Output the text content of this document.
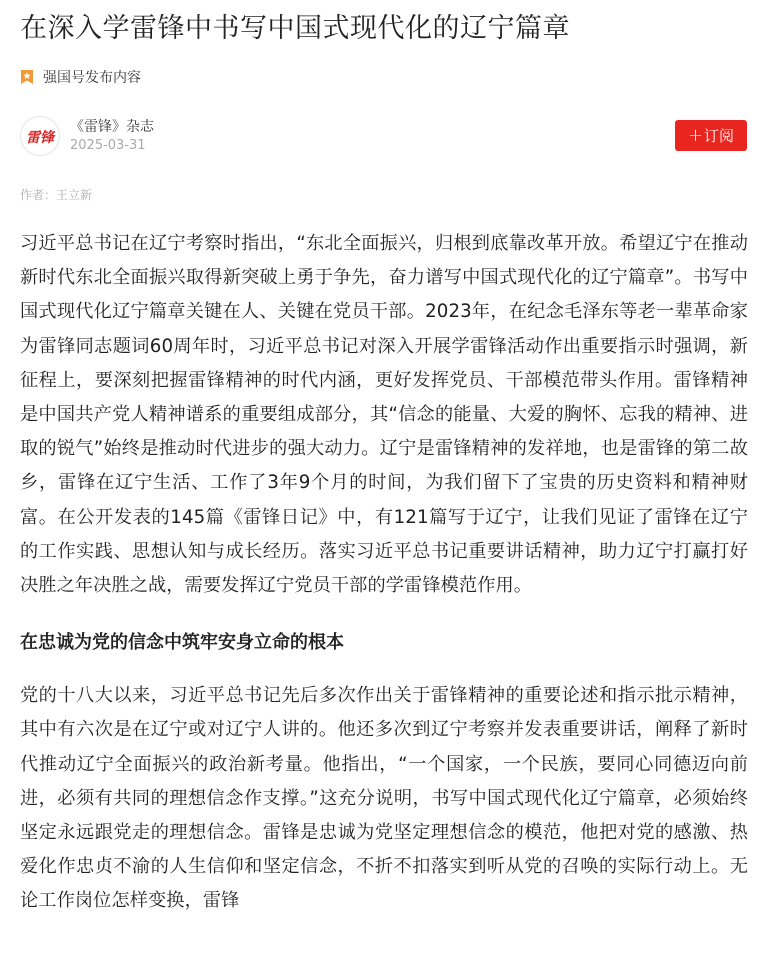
在深入学雷锋中书写中国式现代化的辽宁篇章
强国号发布内容
雷锋
《雷锋》杂志
2025-03-31	+ 订阅
作者：王立新

习近平总书记在辽宁考察时指出，“东北全面振兴，归根到底靠改革开放。希望辽宁在推动新时代东北全面振兴取得新突破上勇于争先，奋力谱写中国式现代化的辽宁篇章”。书写中国式现代化辽宁篇章关键在人、关键在党员干部。2023年，在纪念毛泽东等老一辈革命家为雷锋同志题词60周年时，习近平总书记对深入开展学雷锋活动作出重要指示时强调，新征程上，要深刻把握雷锋精神的时代内涵，更好发挥党员、干部模范带头作用。雷锋精神是中国共产党人精神谱系的重要组成部分，其“信念的能量、大爱的胸怀、忘我的精神、进取的锐气”始终是推动时代进步的强大动力。辽宁是雷锋精神的发祥地，也是雷锋的第二故乡，雷锋在辽宁生活、工作了3年9个月的时间，为我们留下了宝贵的历史资料和精神财富。在公开发表的145篇《雷锋日记》中，有121篇写于辽宁，让我们见证了雷锋在辽宁的工作实践、思想认知与成长经历。落实习近平总书记重要讲话精神，助力辽宁打赢打好决胜之年决胜之战，需要发挥辽宁党员干部的学雷锋模范作用。

在忠诚为党的信念中筑牢安身立命的根本

党的十八大以来，习近平总书记先后多次作出关于雷锋精神的重要论述和指示批示精神，其中有六次是在辽宁或对辽宁人讲的。他还多次到辽宁考察并发表重要讲话，阐释了新时代推动辽宁全面振兴的政治新考量。他指出，“一个国家，一个民族，要同心同德迈向前进，必须有共同的理想信念作支撑。”这充分说明，书写中国式现代化辽宁篇章，必须始终坚定永远跟党走的理想信念。雷锋是忠诚为党坚定理想信念的模范，他把对党的感激、热爱化作忠贞不渝的人生信仰和坚定信念，不折不扣落实到听从党的召唤的实际行动上。无论工作岗位怎样变换，雷锋
